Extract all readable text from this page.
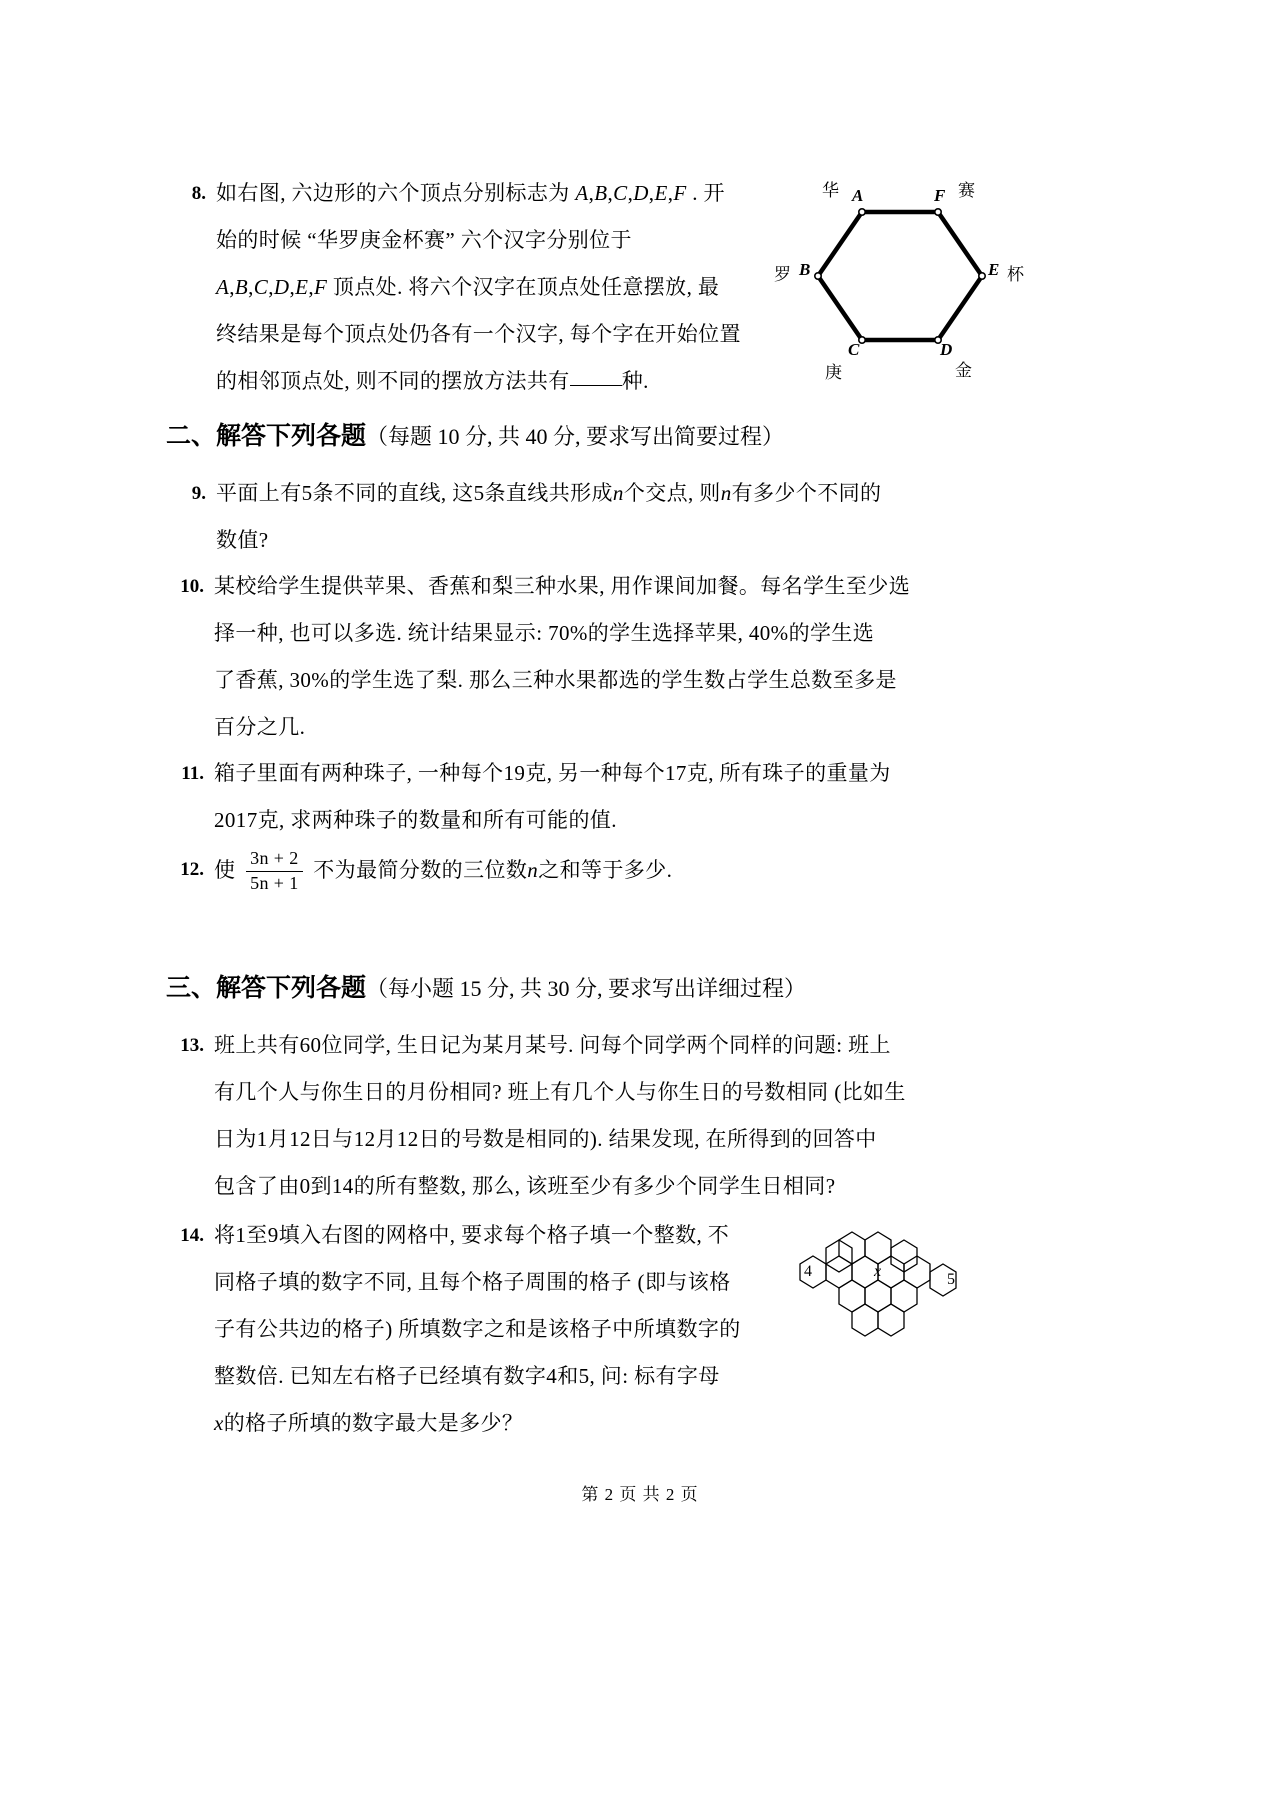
8. 如右图, 六边形的六个顶点分别标志为 A,B,C,D,E,F . 开
始的时候 “华罗庚金杯赛” 六个汉字分别位于
A,B,C,D,E,F 顶点处. 将六个汉字在顶点处任意摆放, 最
终结果是每个顶点处仍各有一个汉字, 每个字在开始位置
的相邻顶点处, 则不同的摆放方法共有 种.
A
华
B
罗
C
庚
D
金
E 杯
F 赛
二、解答下列各题（每题 10 分, 共 40 分, 要求写出简要过程）
9. 平面上有5条不同的直线, 这5条直线共形成n个交点, 则n有多少个不同的
数值?
10. 某校给学生提供苹果、香蕉和梨三种水果, 用作课间加餐。每名学生至少选
择一种, 也可以多选. 统计结果显示: 70%的学生选择苹果, 40%的学生选
了香蕉, 30%的学生选了梨. 那么三种水果都选的学生数占学生总数至多是
百分之几.
11. 箱子里面有两种珠子, 一种每个19克, 另一种每个17克, 所有珠子的重量为
2017克, 求两种珠子的数量和所有可能的值.
12. 使 $\frac{3n + 2}{5n + 1}$ 不为最简分数的三位数n之和等于多少.
三、解答下列各题（每小题 15 分, 共 30 分, 要求写出详细过程）
13. 班上共有60位同学, 生日记为某月某号. 问每个同学两个同样的问题: 班上
有几个人与你生日的月份相同? 班上有几个人与你生日的号数相同 (比如生
日为1月12日与12月12日的号数是相同的). 结果发现, 在所得到的回答中
包含了由0到14的所有整数, 那么, 该班至少有多少个同学生日相同?
14. 将1至9填入右图的网格中, 要求每个格子填一个整数, 不
同格子填的数字不同, 且每个格子周围的格子 (即与该格
子有公共边的格子) 所填数字之和是该格子中所填数字的
整数倍. 已知左右格子已经填有数字4和5, 问: 标有字母
x的格子所填的数字最大是多少？
4	x	5
第 2 页 共 2 页
